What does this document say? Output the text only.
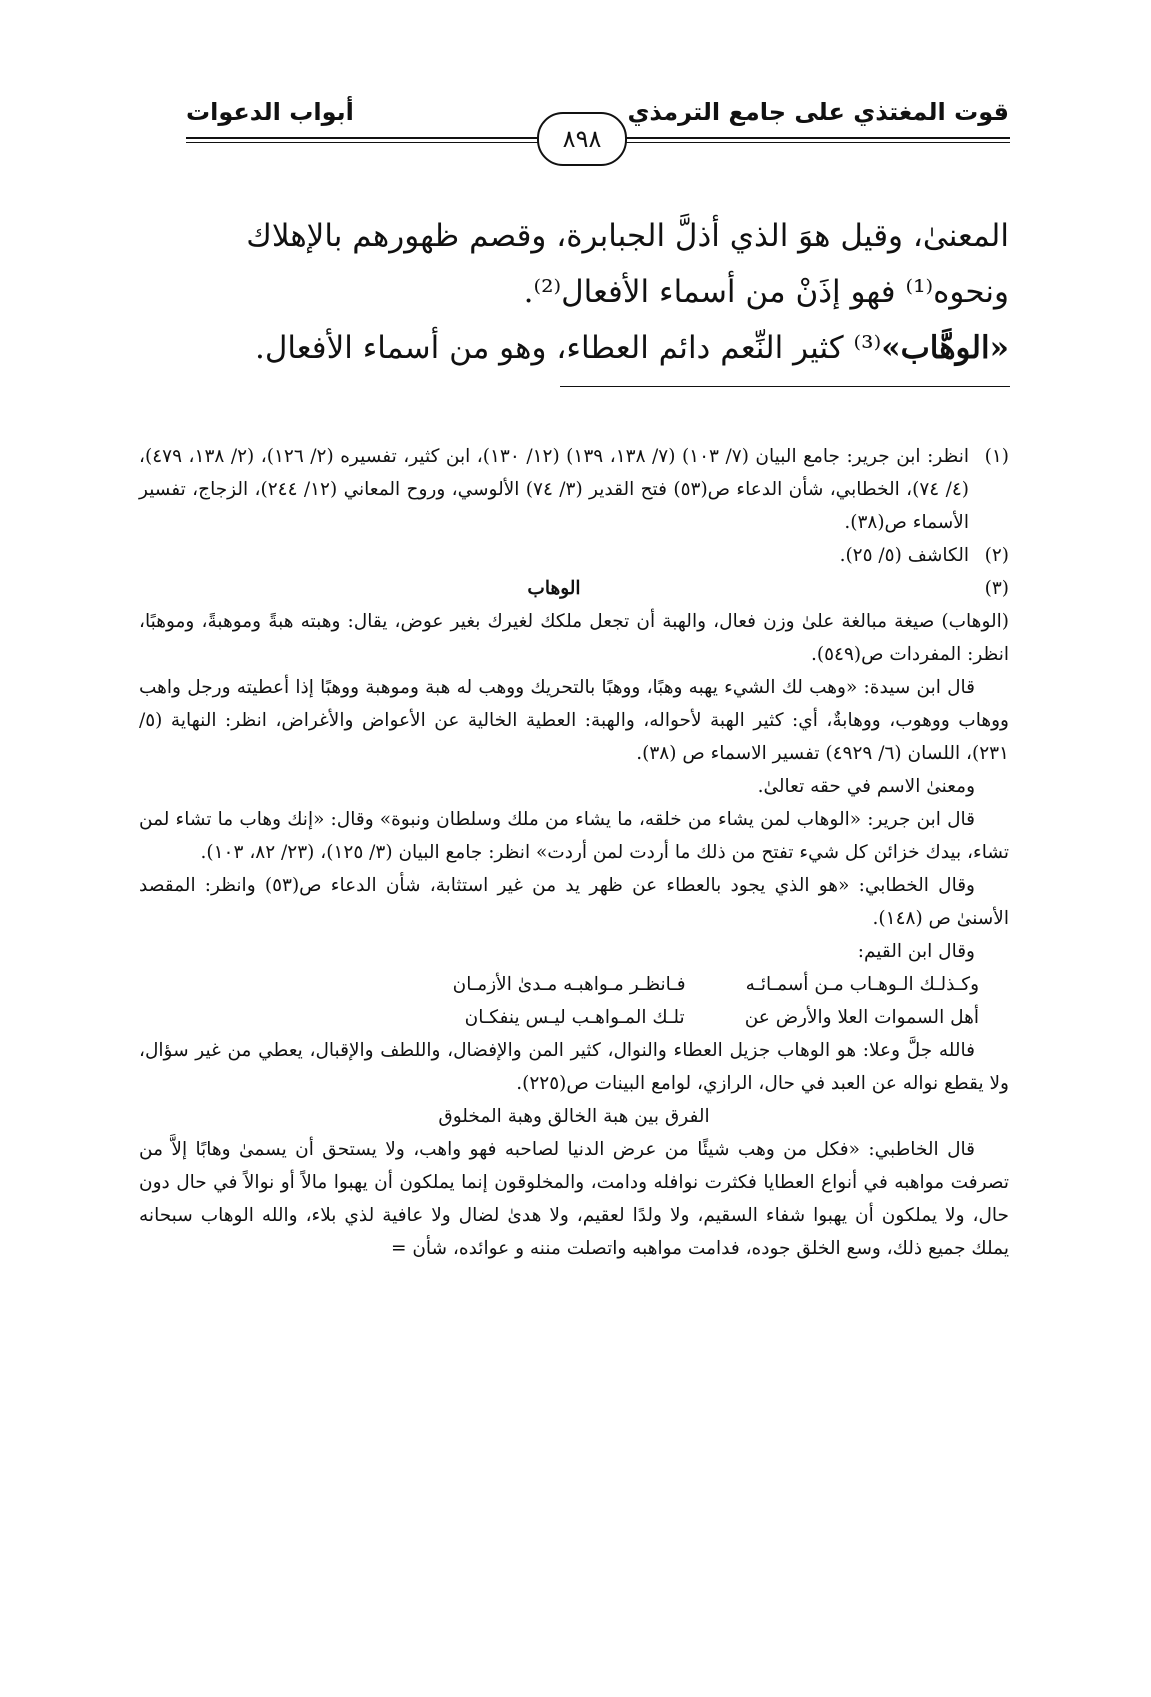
قوت المغتذي على جامع الترمذي
أبواب الدعوات
٨٩٨

المعنىٰ، وقيل هوَ الذي أذلَّ الجبابرة، وقصم ظهورهم بالإهلاك

ونحوه⁽¹⁾ فهو إذَنْ من أسماء الأفعال⁽²⁾.

«الوهَّاب»⁽³⁾ كثير النِّعم دائم العطاء، وهو من أسماء الأفعال.

(١)
انظر: ابن جرير: جامع البيان (٧/ ١٠٣) (٧/ ١٣٨، ١٣٩) (١٢/ ١٣٠)، ابن كثير، تفسيره (٢/ ١٢٦)، (٢/ ١٣٨، ٤٧٩)، (٤/ ٧٤)، الخطابي، شأن الدعاء ص(٥٣) فتح القدير (٣/ ٧٤) الألوسي، وروح المعاني (١٢/ ٢٤٤)، الزجاج، تفسير الأسماء ص(٣٨).
(٢)
الكاشف (٥/ ٢٥).
(٣)
الوهاب
(الوهاب) صيغة مبالغة علىٰ وزن فعال، والهبة أن تجعل ملكك لغيرك بغير عوض، يقال: وهبته هبةً وموهبةً، وموهبًا، انظر: المفردات ص(٥٤٩).
قال ابن سيدة: «وهب لك الشيء يهبه وهبًا، ووهبًا بالتحريك ووهب له هبة وموهبة ووهبًا إذا أعطيته ورجل واهب ووهاب ووهوب، ووهابةٌ، أي: كثير الهبة لأحواله، والهبة: العطية الخالية عن الأعواض والأغراض، انظر: النهاية (٥/ ٢٣١)، اللسان (٦/ ٤٩٢٩) تفسير الاسماء ص (٣٨).
ومعنىٰ الاسم في حقه تعالىٰ.
قال ابن جرير: «الوهاب لمن يشاء من خلقه، ما يشاء من ملك وسلطان ونبوة» وقال: «إنك وهاب ما تشاء لمن تشاء، بيدك خزائن كل شيء تفتح من ذلك ما أردت لمن أردت» انظر: جامع البيان (٣/ ١٢٥)، (٢٣/ ٨٢، ١٠٣).
وقال الخطابي: «هو الذي يجود بالعطاء عن ظهر يد من غير استثابة، شأن الدعاء ص(٥٣) وانظر: المقصد الأسنىٰ ص (١٤٨).
وقال ابن القيم:
وكـذلـك الـوهـاب مـن أسمـائـه
فـانظـر مـواهبـه مـدىٰ الأزمـان
أهل السموات العلا والأرض عن
تلـك المـواهـب ليـس ينفكـان
فالله جلَّ وعلا: هو الوهاب جزيل العطاء والنوال، كثير المن والإفضال، واللطف والإقبال، يعطي من غير سؤال، ولا يقطع نواله عن العبد في حال، الرازي، لوامع البينات ص(٢٢٥).
الفرق بين هبة الخالق وهبة المخلوق
قال الخاطبي: «فكل من وهب شيئًا من عرض الدنيا لصاحبه فهو واهب، ولا يستحق أن يسمىٰ وهابًا إلاَّ من تصرفت مواهبه في أنواع العطايا فكثرت نوافله ودامت، والمخلوقون إنما يملكون أن يهبوا مالاً أو نوالاً في حال دون حال، ولا يملكون أن يهبوا شفاء السقيم، ولا ولدًا لعقيم، ولا هدىٰ لضال ولا عافية لذي بلاء، والله الوهاب سبحانه يملك جميع ذلك، وسع الخلق جوده، فدامت مواهبه واتصلت مننه و عوائده، شأن =
